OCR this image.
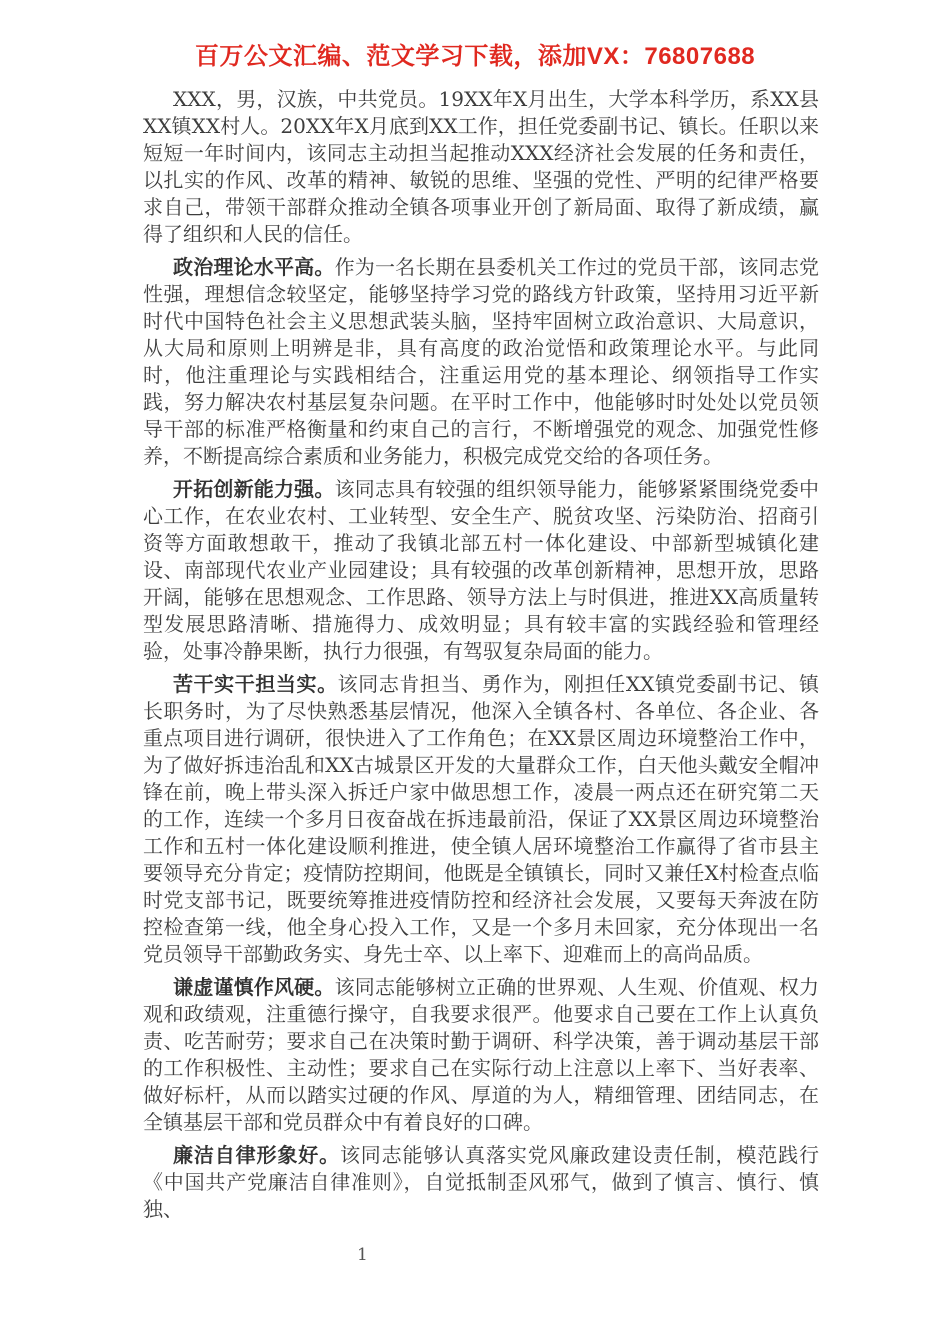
百万公文汇编、范文学习下载，添加VX：76807688

XXX，男，汉族，中共党员。19XX年X月出生，大学本科学历，系XX县XX镇XX村人。20XX年X月底到XX工作，担任党委副书记、镇长。任职以来短短一年时间内，该同志主动担当起推动XXX经济社会发展的任务和责任，以扎实的作风、改革的精神、敏锐的思维、坚强的党性、严明的纪律严格要求自己，带领干部群众推动全镇各项事业开创了新局面、取得了新成绩，赢得了组织和人民的信任。

政治理论水平高。作为一名长期在县委机关工作过的党员干部，该同志党性强，理想信念较坚定，能够坚持学习党的路线方针政策，坚持用习近平新时代中国特色社会主义思想武装头脑，坚持牢固树立政治意识、大局意识，从大局和原则上明辨是非，具有高度的政治觉悟和政策理论水平。与此同时，他注重理论与实践相结合，注重运用党的基本理论、纲领指导工作实践，努力解决农村基层复杂问题。在平时工作中，他能够时时处处以党员领导干部的标准严格衡量和约束自己的言行，不断增强党的观念、加强党性修养，不断提高综合素质和业务能力，积极完成党交给的各项任务。

开拓创新能力强。该同志具有较强的组织领导能力，能够紧紧围绕党委中心工作，在农业农村、工业转型、安全生产、脱贫攻坚、污染防治、招商引资等方面敢想敢干，推动了我镇北部五村一体化建设、中部新型城镇化建设、南部现代农业产业园建设；具有较强的改革创新精神，思想开放，思路开阔，能够在思想观念、工作思路、领导方法上与时俱进，推进XX高质量转型发展思路清晰、措施得力、成效明显；具有较丰富的实践经验和管理经验，处事冷静果断，执行力很强，有驾驭复杂局面的能力。

苦干实干担当实。该同志肯担当、勇作为，刚担任XX镇党委副书记、镇长职务时，为了尽快熟悉基层情况，他深入全镇各村、各单位、各企业、各重点项目进行调研，很快进入了工作角色；在XX景区周边环境整治工作中，为了做好拆违治乱和XX古城景区开发的大量群众工作，白天他头戴安全帽冲锋在前，晚上带头深入拆迁户家中做思想工作，凌晨一两点还在研究第二天的工作，连续一个多月日夜奋战在拆违最前沿，保证了XX景区周边环境整治工作和五村一体化建设顺利推进，使全镇人居环境整治工作赢得了省市县主要领导充分肯定；疫情防控期间，他既是全镇镇长，同时又兼任X村检查点临时党支部书记，既要统筹推进疫情防控和经济社会发展，又要每天奔波在防控检查第一线，他全身心投入工作，又是一个多月未回家，充分体现出一名党员领导干部勤政务实、身先士卒、以上率下、迎难而上的高尚品质。

谦虚谨慎作风硬。该同志能够树立正确的世界观、人生观、价值观、权力观和政绩观，注重德行操守，自我要求很严。他要求自己要在工作上认真负责、吃苦耐劳；要求自己在决策时勤于调研、科学决策，善于调动基层干部的工作积极性、主动性；要求自己在实际行动上注意以上率下、当好表率、做好标杆，从而以踏实过硬的作风、厚道的为人，精细管理、团结同志，在全镇基层干部和党员群众中有着良好的口碑。

廉洁自律形象好。该同志能够认真落实党风廉政建设责任制，模范践行《中国共产党廉洁自律准则》，自觉抵制歪风邪气，做到了慎言、慎行、慎独、

1
